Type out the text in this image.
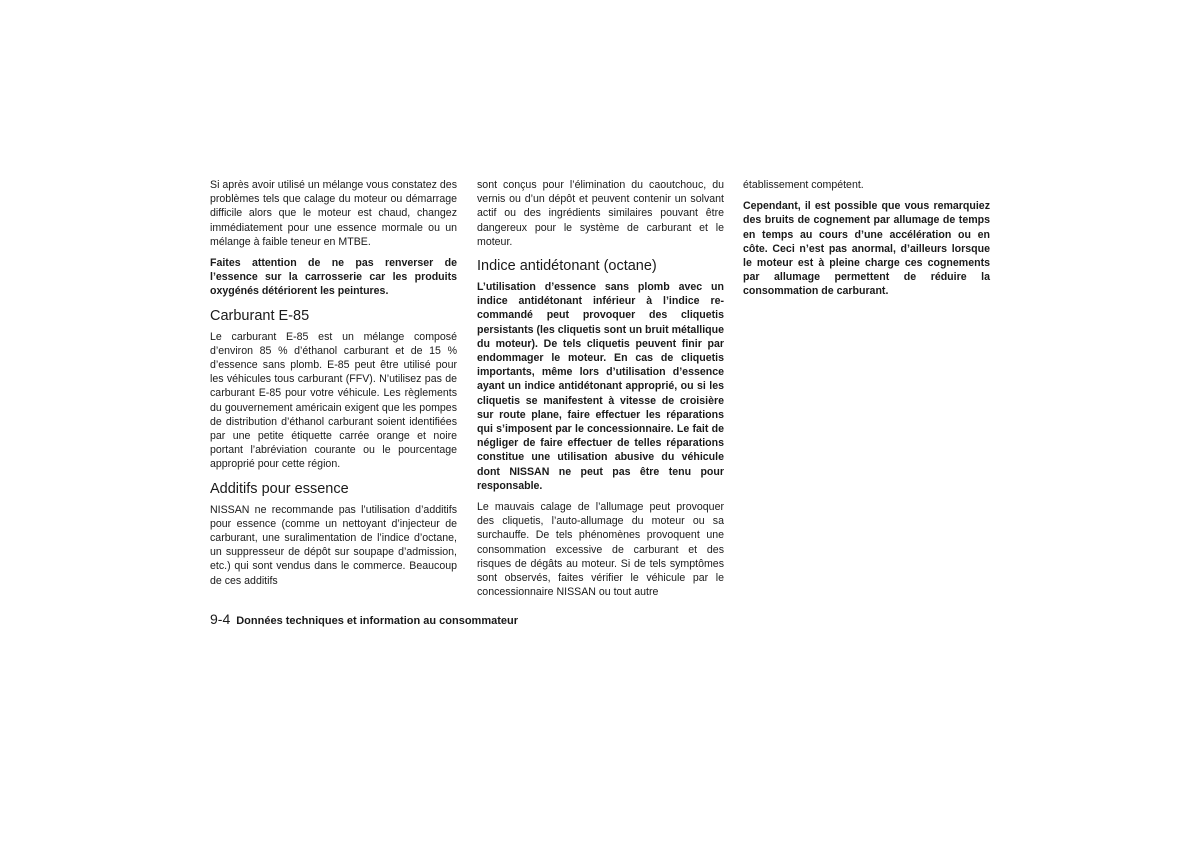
Si après avoir utilisé un mélange vous constatez des problèmes tels que calage du moteur ou démarrage difficile alors que le moteur est chaud, changez immédiatement pour une essence mormale ou un mélange à faible teneur en MTBE.

Faites attention de ne pas renverser de l’essence sur la carrosserie car les produits oxygénés détériorent les peintures.

Carburant E-85

Le carburant E-85 est un mélange composé d’environ 85 % d’éthanol carburant et de 15 % d’essence sans plomb. E-85 peut être utilisé pour les véhicules tous carburant (FFV). N’utilisez pas de carburant E-85 pour votre véhicule. Les règlements du gouvernement américain exigent que les pompes de distribution d’éthanol carburant soient identifiées par une petite étiquette carrée orange et noire portant l’abréviation courante ou le pourcentage approprié pour cette région.

Additifs pour essence

NISSAN ne recommande pas l’utilisation d’additifs pour essence (comme un nettoyant d’injecteur de carburant, une suralimentation de l’indice d’octane, un suppresseur de dépôt sur soupape d’admission, etc.) qui sont vendus dans le commerce. Beaucoup de ces additifs

sont conçus pour l’élimination du caoutchouc, du vernis ou d’un dépôt et peuvent contenir un solvant actif ou des ingrédients similaires pouvant être dangereux pour le système de carburant et le moteur.

Indice antidétonant (octane)

L’utilisation d’essence sans plomb avec un indice antidétonant inférieur à l’indice recommandé peut provoquer des cliquetis persistants (les cliquetis sont un bruit métallique du moteur). De tels cliquetis peuvent finir par endommager le moteur. En cas de cliquetis importants, même lors d’utilisation d’essence ayant un indice antidétonant approprié, ou si les cliquetis se manifestent à vitesse de croisière sur route plane, faire effectuer les réparations qui s’imposent par le concessionnaire. Le fait de négliger de faire effectuer de telles réparations constitue une utilisation abusive du véhicule dont NISSAN ne peut pas être tenu pour responsable.

Le mauvais calage de l’allumage peut provoquer des cliquetis, l’auto-allumage du moteur ou sa surchauffe. De tels phénomènes provoquent une consommation excessive de carburant et des risques de dégâts au moteur. Si de tels symptômes sont observés, faites vérifier le véhicule par le concessionnaire NISSAN ou tout autre

établissement compétent.

Cependant, il est possible que vous remarquiez des bruits de cognement par allumage de temps en temps au cours d’une accélération ou en côte. Ceci n’est pas anormal, d’ailleurs lorsque le moteur est à pleine charge ces cognements par allumage permettent de réduire la consommation de carburant.

9-4 Données techniques et information au consommateur
